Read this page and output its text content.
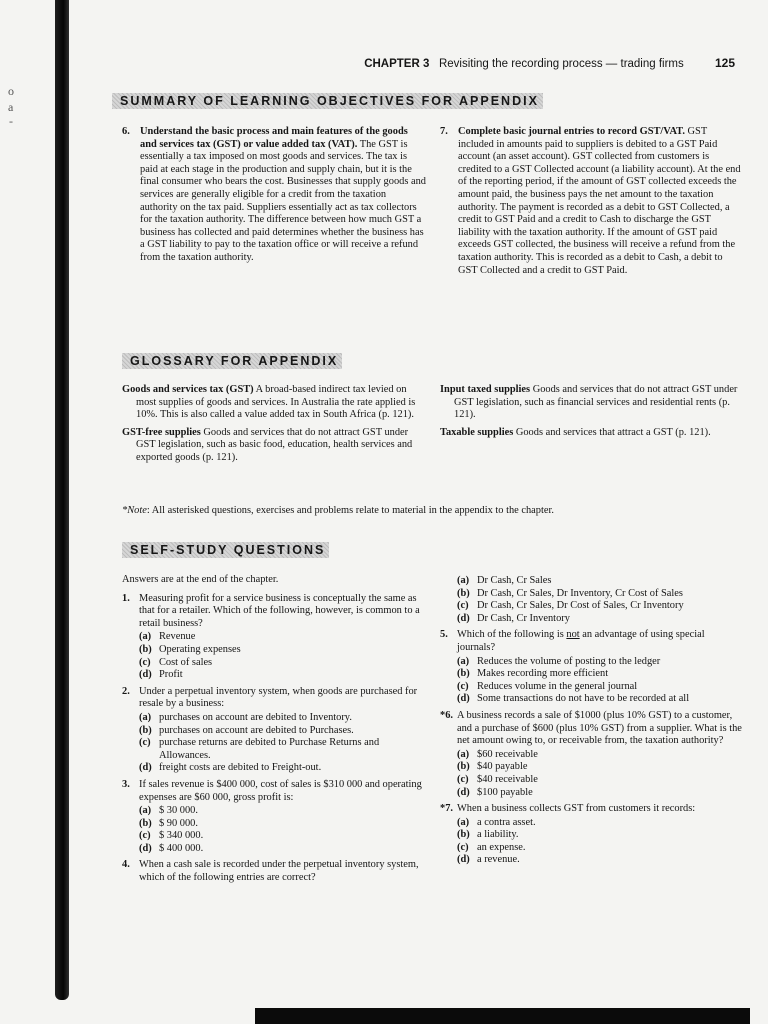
o
a
-
CHAPTER 3 Revisiting the recording process — trading firms	125
SUMMARY OF LEARNING OBJECTIVES FOR APPENDIX
6. Understand the basic process and main features of the goods and services tax (GST) or value added tax (VAT). The GST is essentially a tax imposed on most goods and services. The tax is paid at each stage in the production and supply chain, but it is the final consumer who bears the cost. Businesses that supply goods and services are generally eligible for a credit from the taxation authority on the tax paid. Suppliers essentially act as tax collectors for the taxation authority. The difference between how much GST a business has collected and paid determines whether the business has a GST liability to pay to the taxation office or will receive a refund from the taxation authority.
7. Complete basic journal entries to record GST/VAT. GST included in amounts paid to suppliers is debited to a GST Paid account (an asset account). GST collected from customers is credited to a GST Collected account (a liability account). At the end of the reporting period, if the amount of GST collected exceeds the amount paid, the business pays the net amount to the taxation authority. The payment is recorded as a debit to GST Collected, a credit to GST Paid and a credit to Cash to discharge the GST liability with the taxation authority. If the amount of GST paid exceeds GST collected, the business will receive a refund from the taxation authority. This is recorded as a debit to Cash, a debit to GST Collected and a credit to GST Paid.
GLOSSARY FOR APPENDIX
Goods and services tax (GST) A broad-based indirect tax levied on most supplies of goods and services. In Australia the rate applied is 10%. This is also called a value added tax in South Africa (p. 121).
GST-free supplies Goods and services that do not attract GST under GST legislation, such as basic food, education, health services and exported goods (p. 121).
Input taxed supplies Goods and services that do not attract GST under GST legislation, such as financial services and residential rents (p. 121).
Taxable supplies Goods and services that attract a GST (p. 121).
*Note: All asterisked questions, exercises and problems relate to material in the appendix to the chapter.
SELF-STUDY QUESTIONS
Answers are at the end of the chapter.
1. Measuring profit for a service business is conceptually the same as that for a retailer. Which of the following, however, is common to a retail business?
(a) Revenue
(b) Operating expenses
(c) Cost of sales
(d) Profit
2. Under a perpetual inventory system, when goods are purchased for resale by a business:
(a) purchases on account are debited to Inventory.
(b) purchases on account are debited to Purchases.
(c) purchase returns are debited to Purchase Returns and Allowances.
(d) freight costs are debited to Freight-out.
3. If sales revenue is $400 000, cost of sales is $310 000 and operating expenses are $60 000, gross profit is:
(a) $ 30 000.
(b) $ 90 000.
(c) $ 340 000.
(d) $ 400 000.
4. When a cash sale is recorded under the perpetual inventory system, which of the following entries are correct?
(a) Dr Cash, Cr Sales
(b) Dr Cash, Cr Sales, Dr Inventory, Cr Cost of Sales
(c) Dr Cash, Cr Sales, Dr Cost of Sales, Cr Inventory
(d) Dr Cash, Cr Inventory
5. Which of the following is not an advantage of using special journals?
(a) Reduces the volume of posting to the ledger
(b) Makes recording more efficient
(c) Reduces volume in the general journal
(d) Some transactions do not have to be recorded at all
*6. A business records a sale of $1000 (plus 10% GST) to a customer, and a purchase of $600 (plus 10% GST) from a supplier. What is the net amount owing to, or receivable from, the taxation authority?
(a) $60 receivable
(b) $40 payable
(c) $40 receivable
(d) $100 payable
*7. When a business collects GST from customers it records:
(a) a contra asset.
(b) a liability.
(c) an expense.
(d) a revenue.
